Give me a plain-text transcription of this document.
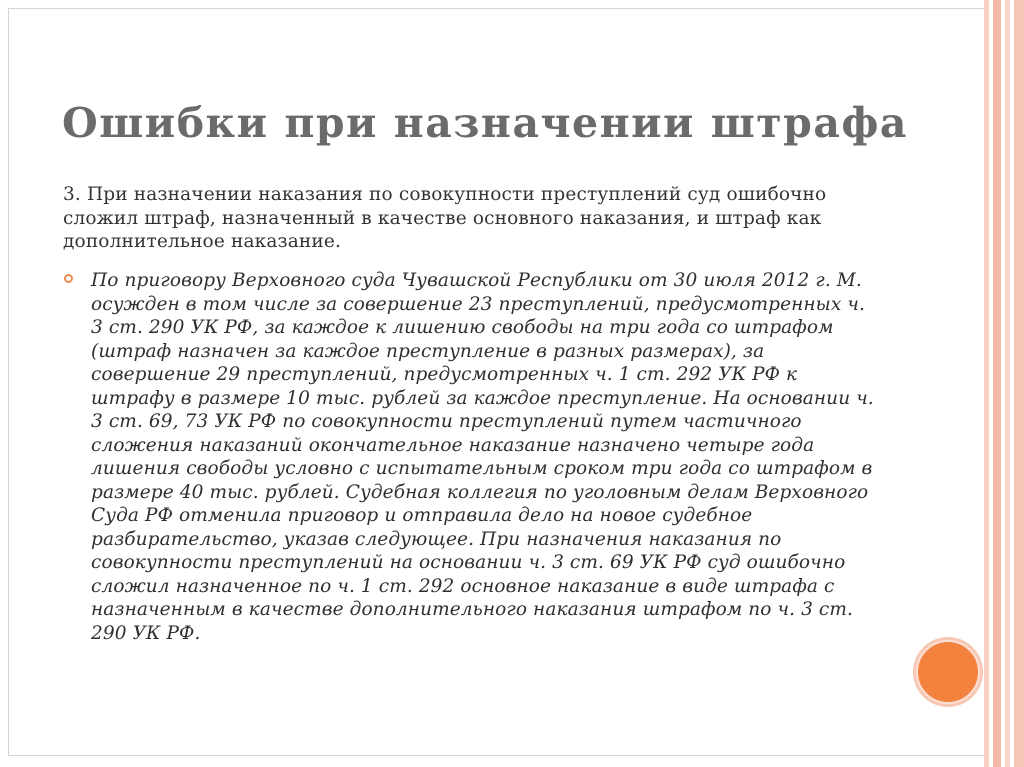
Ошибки при назначении штрафа
3. При назначении наказания по совокупности преступлений суд ошибочно сложил штраф, назначенный в качестве основного наказания, и штраф как дополнительное наказание.
По приговору Верховного суда Чувашской Республики от 30 июля 2012 г. М. осужден в том числе за совершение 23 преступлений, предусмотренных ч. 3 ст. 290 УК РФ, за каждое к лишению свободы на три года со штрафом (штраф назначен за каждое преступление в разных размерах), за совершение 29 преступлений, предусмотренных ч. 1 ст. 292 УК РФ к штрафу в размере 10 тыс. рублей за каждое преступление. На основании ч. 3 ст. 69, 73 УК РФ по совокупности преступлений путем частичного сложения наказаний окончательное наказание назначено четыре года лишения свободы условно с испытательным сроком три года со штрафом в размере 40 тыс. рублей. Судебная коллегия по уголовным делам Верховного Суда РФ отменила приговор и отправила дело на новое судебное разбирательство, указав следующее. При назначения наказания по совокупности преступлений на основании ч. 3 ст. 69 УК РФ суд ошибочно сложил назначенное по ч. 1 ст. 292 основное наказание в виде штрафа с назначенным в качестве дополнительного наказания штрафом по ч. 3 ст. 290 УК РФ.
